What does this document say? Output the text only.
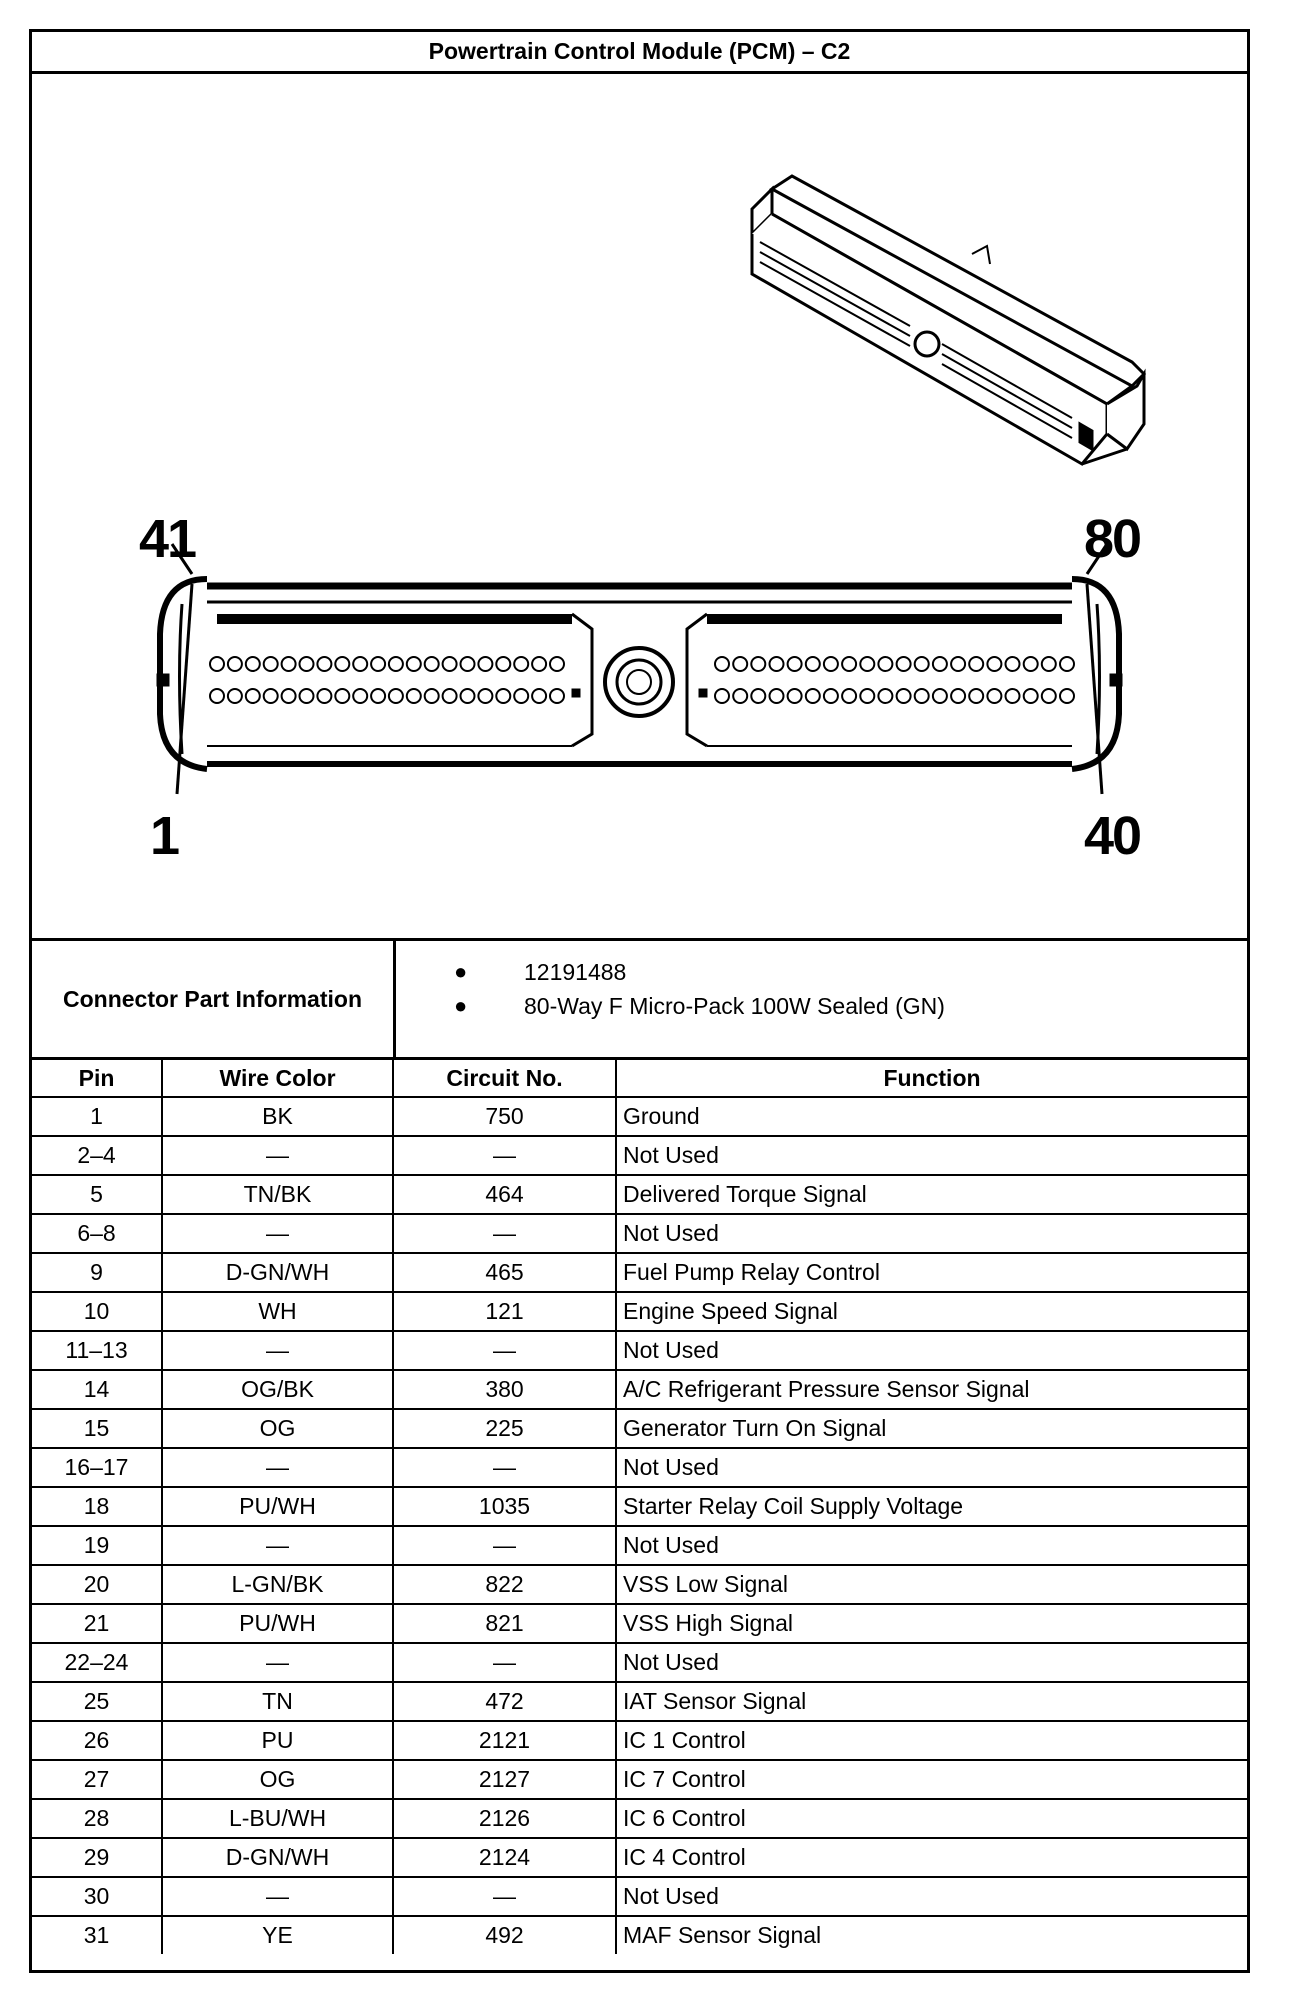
Powertrain Control Module (PCM) – C2
41	80
1	40
Connector Part Information
●	12191488
●	80-Way F Micro-Pack 100W Sealed (GN)
Pin	Wire Color	Circuit No.	Function
1	BK	750	Ground
2–4	—	—	Not Used
5	TN/BK	464	Delivered Torque Signal
6–8	—	—	Not Used
9	D-GN/WH	465	Fuel Pump Relay Control
10	WH	121	Engine Speed Signal
11–13	—	—	Not Used
14	OG/BK	380	A/C Refrigerant Pressure Sensor Signal
15	OG	225	Generator Turn On Signal
16–17	—	—	Not Used
18	PU/WH	1035	Starter Relay Coil Supply Voltage
19	—	—	Not Used
20	L-GN/BK	822	VSS Low Signal
21	PU/WH	821	VSS High Signal
22–24	—	—	Not Used
25	TN	472	IAT Sensor Signal
26	PU	2121	IC 1 Control
27	OG	2127	IC 7 Control
28	L-BU/WH	2126	IC 6 Control
29	D-GN/WH	2124	IC 4 Control
30	—	—	Not Used
31	YE	492	MAF Sensor Signal
